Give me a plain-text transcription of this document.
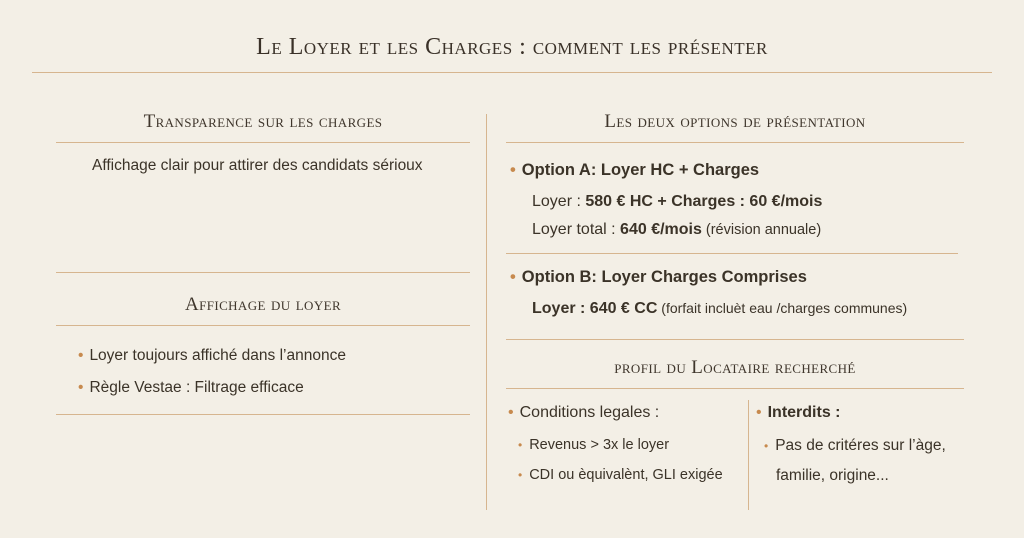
Le Loyer et les Charges : comment les présenter
Transparence sur les charges
Affichage clair pour attirer des candidats sérioux
Affichage du loyer
• Loyer toujours affiché dans l’annonce
• Règle Vestae : Filtrage efficace
Les deux options de présentation
• Option A: Loyer HC + Charges
Loyer : 580 € HC + Charges : 60 €/mois
Loyer total : 640 €/mois (révision annuale)
• Option B: Loyer Charges Comprises
Loyer : 640 € CC (forfait incluèt eau /charges communes)
profil du Locataire recherché
• Conditions legales :
• Revenus > 3x le loyer
• CDI ou èquivalènt, GLI exigée
• Interdits :
• Pas de critéres sur l’àge,
familie, origine...
